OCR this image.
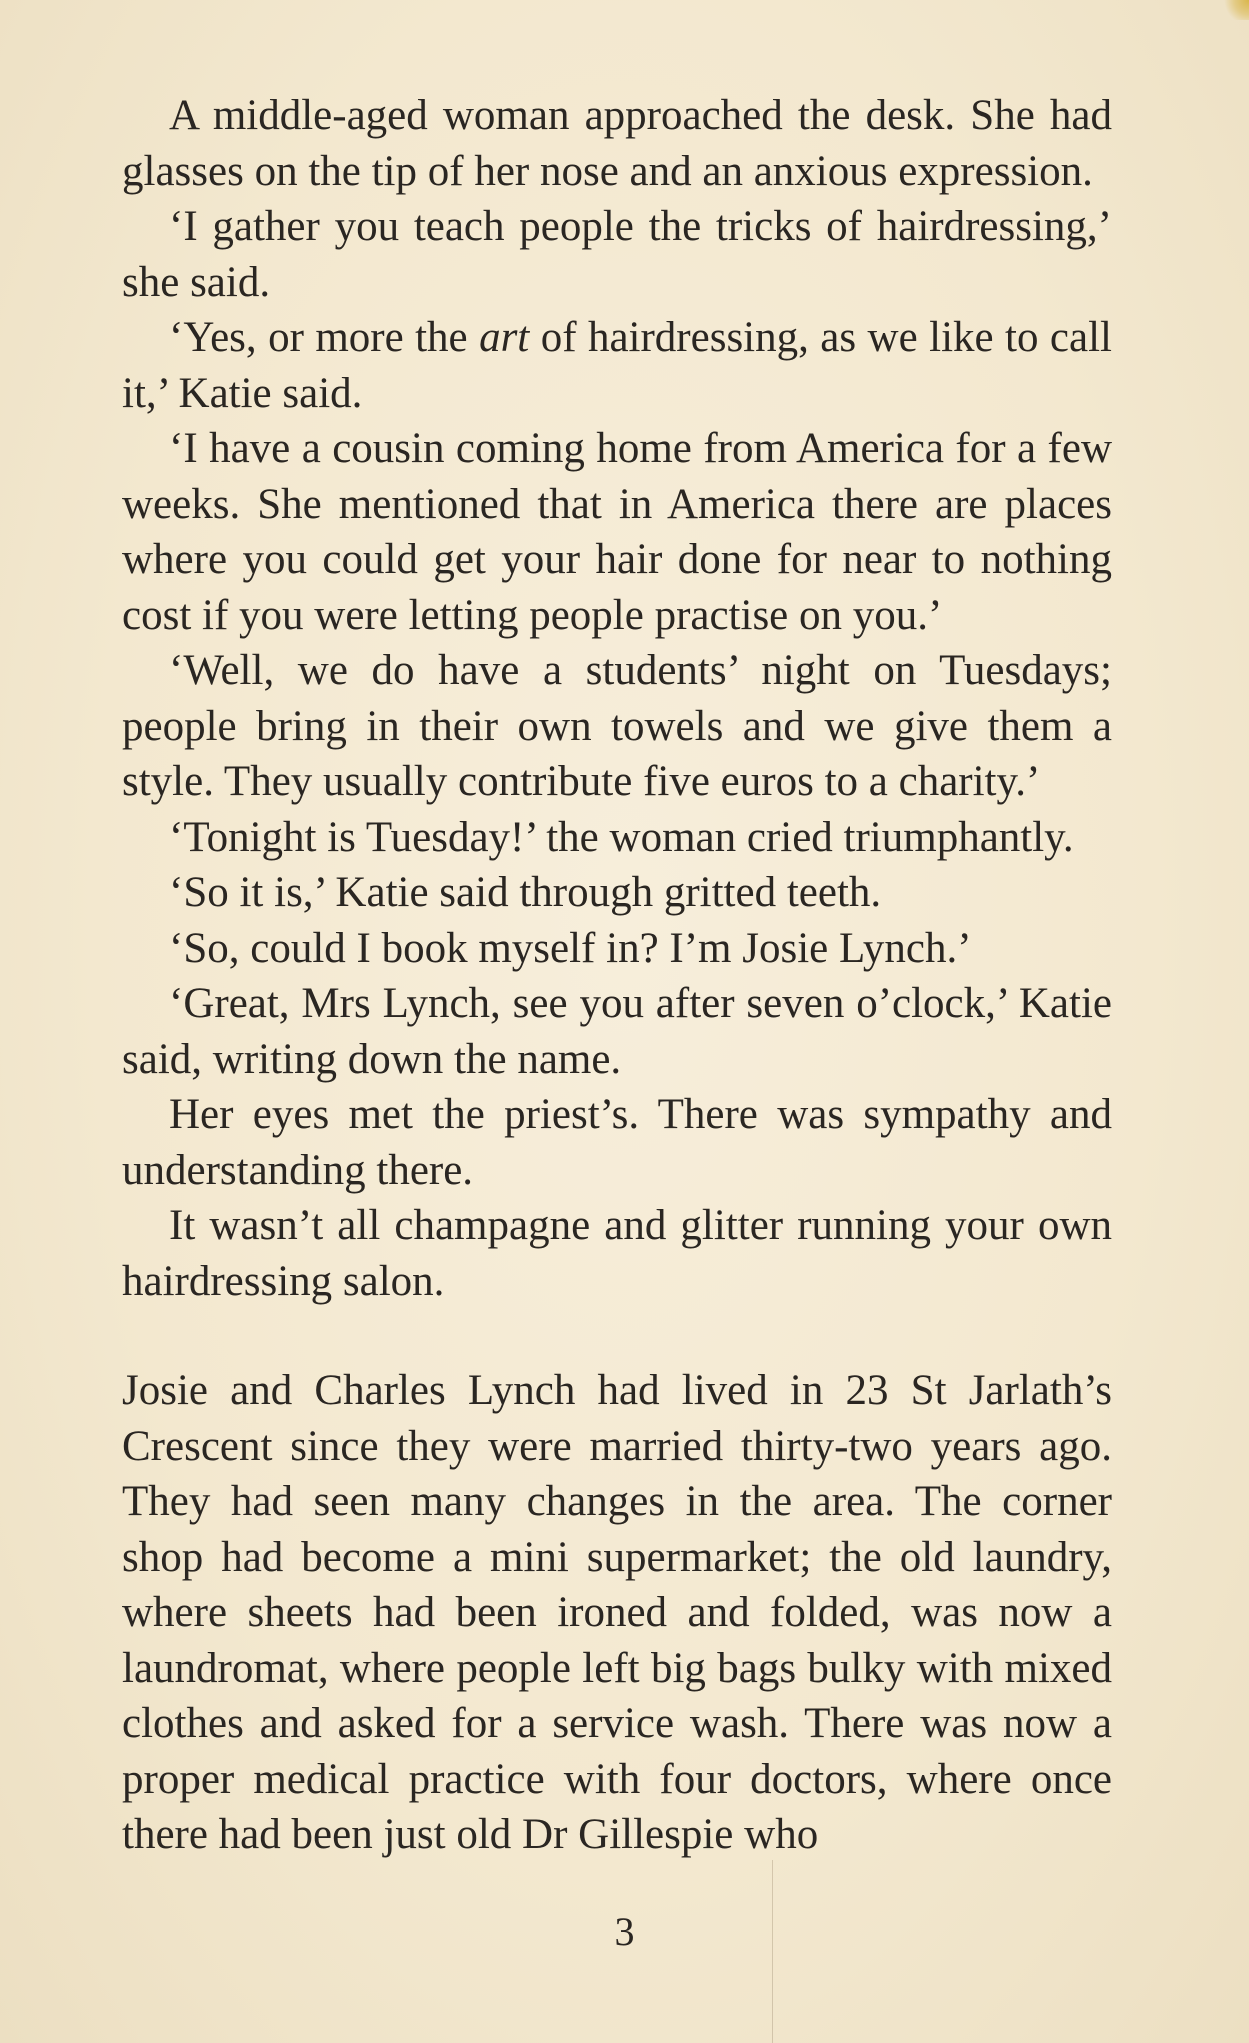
A middle-aged woman approached the desk. She had glasses on the tip of her nose and an anxious expression.

‘I gather you teach people the tricks of hairdressing,’ she said.

‘Yes, or more the art of hairdressing, as we like to call it,’ Katie said.

‘I have a cousin coming home from America for a few weeks. She mentioned that in America there are places where you could get your hair done for near to nothing cost if you were letting people practise on you.’

‘Well, we do have a students’ night on Tuesdays; people bring in their own towels and we give them a style. They usually contribute five euros to a charity.’

‘Tonight is Tuesday!’ the woman cried triumphantly.

‘So it is,’ Katie said through gritted teeth.

‘So, could I book myself in? I’m Josie Lynch.’

‘Great, Mrs Lynch, see you after seven o’clock,’ Katie said, writing down the name.

Her eyes met the priest’s. There was sympathy and understanding there.

It wasn’t all champagne and glitter running your own hairdressing salon.

Josie and Charles Lynch had lived in 23 St Jarlath’s Crescent since they were married thirty-two years ago. They had seen many changes in the area. The corner shop had become a mini supermarket; the old laundry, where sheets had been ironed and folded, was now a laundromat, where people left big bags bulky with mixed clothes and asked for a service wash. There was now a proper medical practice with four doctors, where once there had been just old Dr Gillespie who

3
